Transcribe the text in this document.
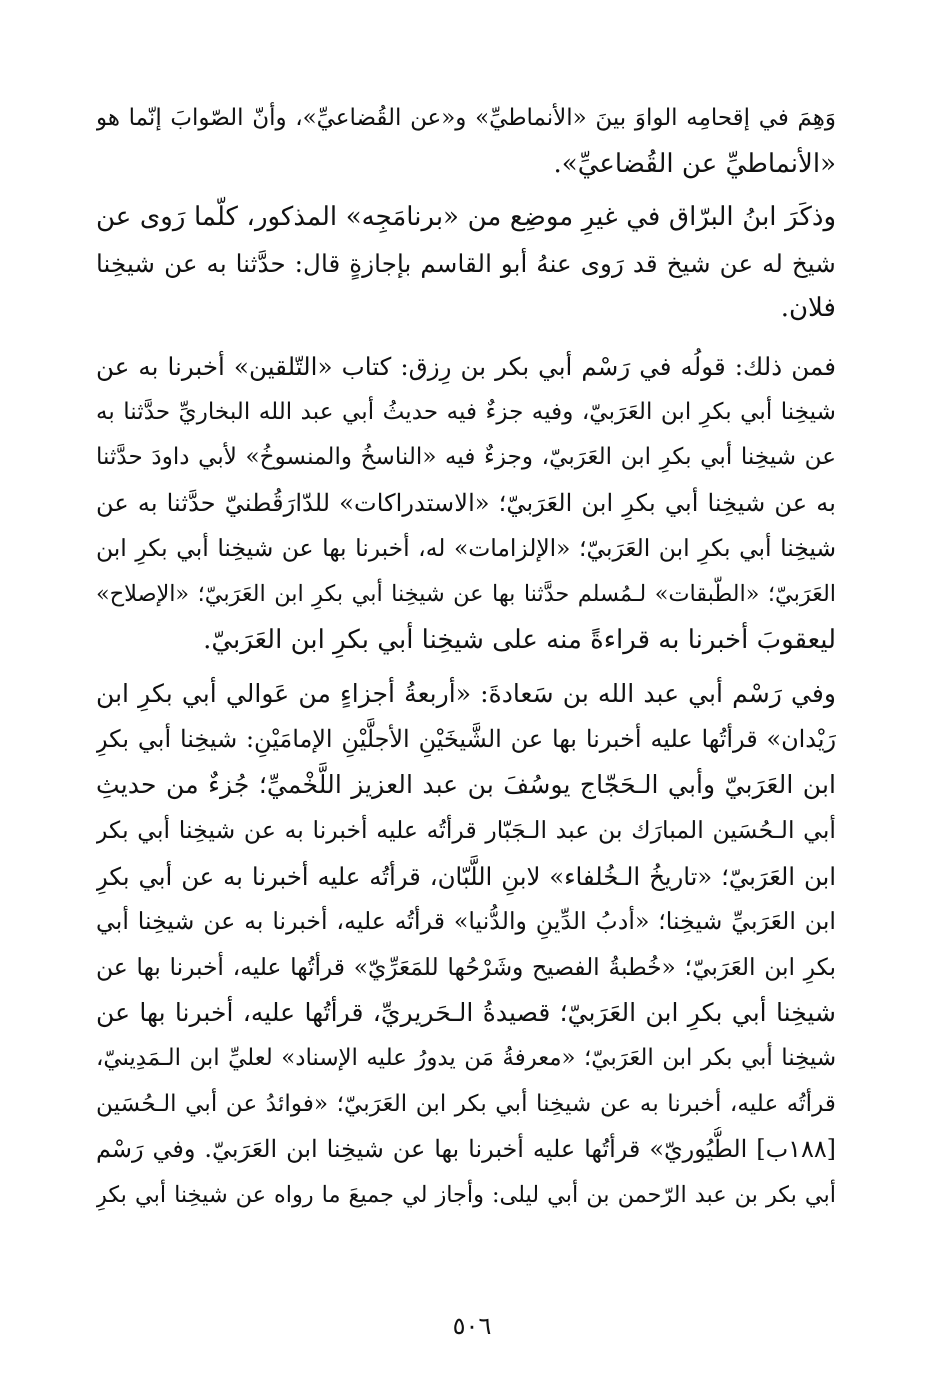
وَهِمَ في إقحامِه الواوَ بينَ «الأنماطيِّ» و«عن القُضاعيِّ»، وأنّ الصّوابَ إنّما هو
«الأنماطيِّ عن القُضاعيِّ».
وذكَرَ ابنُ البرّاق في غيرِ موضِع من «برنامَجِه» المذكور، كلّما رَوى عن
شيخ له عن شيخ قد رَوى عنهُ أبو القاسم بإجازةٍ قال: حدَّثنا به عن شيخِنا
فلان.
فمن ذلك: قولُه في رَسْم أبي بكر بن رِزق: كتاب «التّلقين» أخبرنا به عن
شيخِنا أبي بكرِ ابن العَرَبيّ، وفيه جزءٌ فيه حديثُ أبي عبد الله البخاريِّ حدَّثنا به
عن شيخِنا أبي بكرِ ابن العَرَبيّ، وجزءٌ فيه «الناسخُ والمنسوخُ» لأبي داودَ حدَّثنا
به عن شيخِنا أبي بكرِ ابن العَرَبيّ؛ «الاستدراكات» للدّارَقُطنيّ حدَّثنا به عن
شيخِنا أبي بكرِ ابن العَرَبيّ؛ «الإلزامات» له، أخبرنا بها عن شيخِنا أبي بكرِ ابن
العَرَبيّ؛ «الطّبقات» لـمُسلم حدَّثنا بها عن شيخِنا أبي بكرِ ابن العَرَبيّ؛ «الإصلاح»
ليعقوبَ أخبرنا به قراءةً منه على شيخِنا أبي بكرِ ابن العَرَبيّ.
وفي رَسْم أبي عبد الله بن سَعادةَ: «أربعةُ أجزاءٍ من عَوالي أبي بكرِ ابن
رَيْدان» قرأتُها عليه أخبرنا بها عن الشَّيخَيْنِ الأجلَّيْنِ الإمامَيْنِ: شيخِنا أبي بكرِ
ابن العَرَبيّ وأبي الـحَجّاج يوسُفَ بن عبد العزيز اللَّخْميِّ؛ جُزءٌ من حديثِ
أبي الـحُسَين المبارَك بن عبد الـجَبّار قرأتُه عليه أخبرنا به عن شيخِنا أبي بكر
ابن العَرَبيّ؛ «تاريخُ الـخُلفاء» لابنِ اللَّبّان، قرأتُه عليه أخبرنا به عن أبي بكرِ
ابن العَرَبيِّ شيخِنا؛ «أدبُ الدِّينِ والدُّنيا» قرأتُه عليه، أخبرنا به عن شيخِنا أبي
بكرِ ابن العَرَبيّ؛ «خُطبةُ الفصيح وشَرْحُها للمَعَرِّيّ» قرأتُها عليه، أخبرنا بها عن
شيخِنا أبي بكرِ ابن العَرَبيّ؛ قصيدةُ الـحَريريِّ، قرأتُها عليه، أخبرنا بها عن
شيخِنا أبي بكر ابن العَرَبيّ؛ «معرفةُ مَن يدورُ عليه الإسناد» لعليِّ ابن الـمَدِينيّ،
قرأتُه عليه، أخبرنا به عن شيخِنا أبي بكر ابن العَرَبيّ؛ «فوائدُ عن أبي الـحُسَين
[١٨٨ب] الطُّيُوريّ» قرأتُها عليه أخبرنا بها عن شيخِنا ابن العَرَبيّ. وفي رَسْم
أبي بكر بن عبد الرّحمن بن أبي ليلى: وأجاز لي جميعَ ما رواه عن شيخِنا أبي بكرِ
٥٠٦
